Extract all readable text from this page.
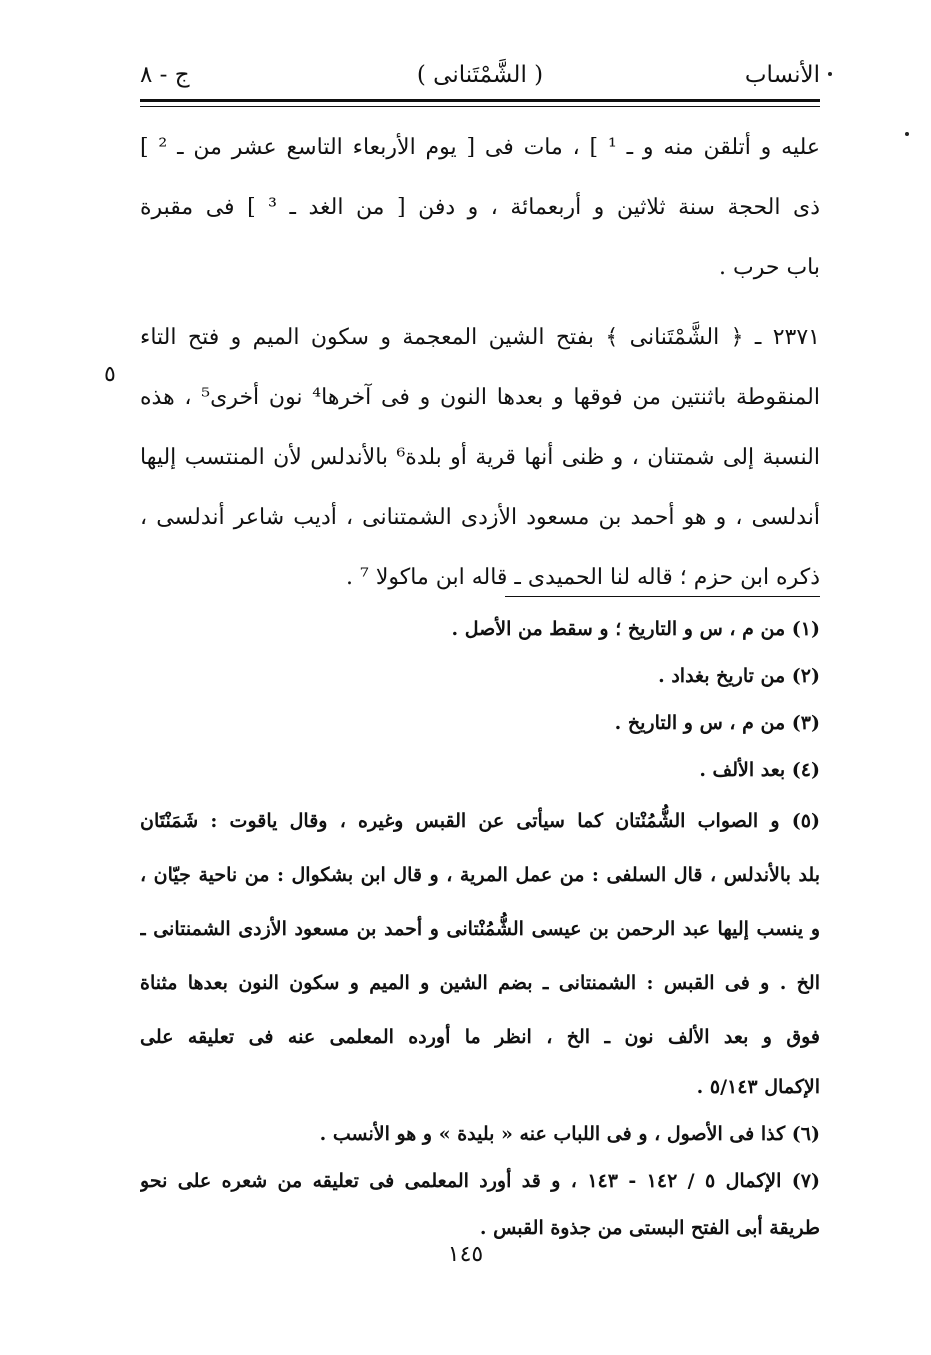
الأنساب
( الشَّمْتَنانى )
ج - ٨
عليه و أتلقن منه و ـ ¹ ] ، مات فى [ يوم الأربعاء التاسع عشر من ـ ² ]
ذى الحجة سنة ثلاثين و أربعمائة ، و دفن [ من الغد ـ ³ ] فى مقبرة
باب حرب .
٢٣٧١ ـ ﴿ الشَّمْتَنانى ﴾ بفتح الشين المعجمة و سكون الميم و فتح التاء
المنقوطة باثنتين من فوقها و بعدها النون و فى آخرها⁴ نون أخرى⁵ ، هذه
النسبة إلى شمتنان ، و ظنى أنها قرية أو بلدة⁶ بالأندلس لأن المنتسب إليها
أندلسى ، و هو أحمد بن مسعود الأزدى الشمتنانى ، أديب شاعر أندلسى ،
ذكره ابن حزم ؛ قاله لنا الحميدى ـ قاله ابن ماكولا ⁷ .
٥
(١) من م ، س و التاريخ ؛ و سقط من الأصل .
(٢) من تاريخ بغداد .
(٣) من م ، س و التاريخ .
(٤) بعد الألف .
(٥) و الصواب الشُّمُنْتان كما سيأتى عن القبس وغيره ، وقال ياقوت : شَمَنْتَان
بلد بالأندلس ، قال السلفى : من عمل المرية ، و قال ابن بشكوال : من ناحية جيّان ،
و ينسب إليها عبد الرحمن بن عيسى الشُّمُنْتانى و أحمد بن مسعود الأزدى الشمنتانى ـ
الخ . و فى القبس : الشمنتانى ـ بضم الشين و الميم و سكون النون بعدها مثناة
فوق و بعد الألف نون ـ الخ ، انظر ما أورده المعلمى عنه فى تعليقه على
الإكمال ٥/١٤٣ .
(٦) كذا فى الأصول ، و فى اللباب عنه « بليدة » و هو الأنسب .
(٧) الإكمال ٥ / ١٤٢ - ١٤٣ ، و قد أورد المعلمى فى تعليقه من شعره على نحو
طريقة أبى الفتح البستى من جذوة القبس .
١٤٥
